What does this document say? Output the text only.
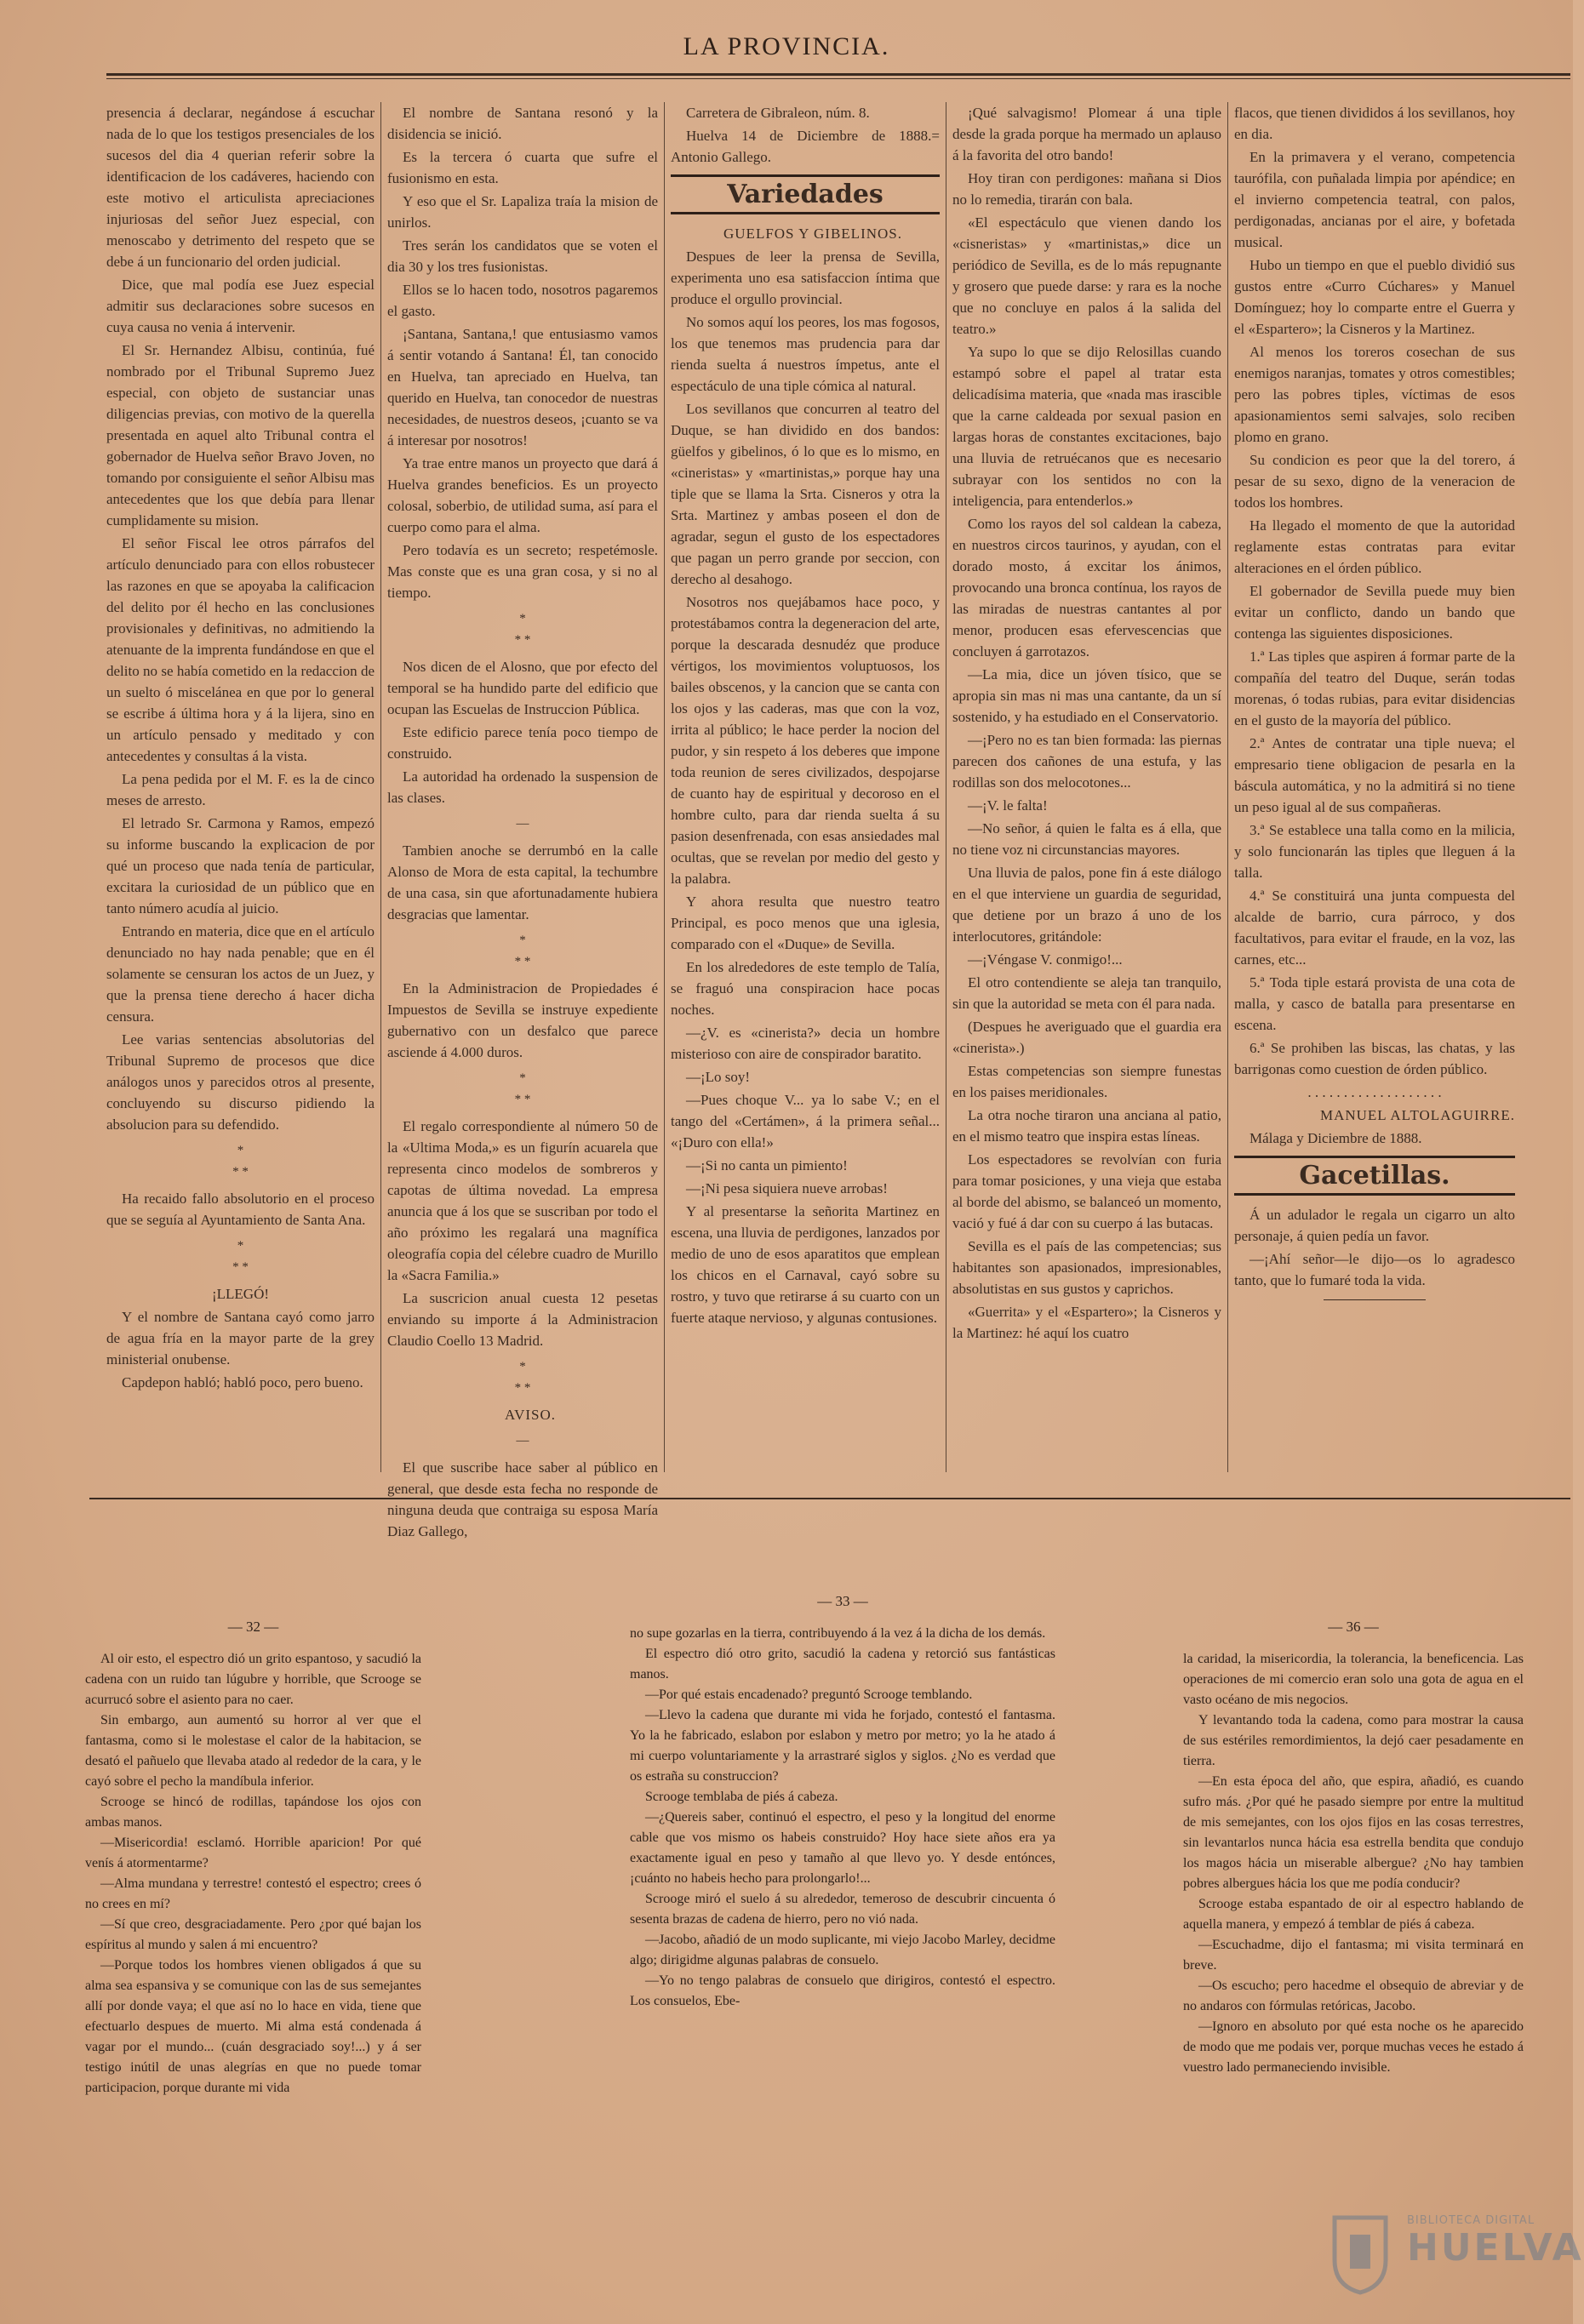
LA PROVINCIA.

presencia á declarar, negándose á escuchar nada de lo que los testigos presenciales de los sucesos del dia 4 querian referir sobre la identificacion de los cadáveres, haciendo con este motivo el articulista apreciaciones injuriosas del señor Juez especial, con menoscabo y detrimento del respeto que se debe á un funcionario del orden judicial.

Dice, que mal podía ese Juez especial admitir sus declaraciones sobre sucesos en cuya causa no venia á intervenir.

El Sr. Hernandez Albisu, continúa, fué nombrado por el Tribunal Supremo Juez especial, con objeto de sustanciar unas diligencias previas, con motivo de la querella presentada en aquel alto Tribunal contra el gobernador de Huelva señor Bravo Joven, no tomando por consiguiente el señor Albisu mas antecedentes que los que debía para llenar cumplidamente su mision.

El señor Fiscal lee otros párrafos del artículo denunciado para con ellos robustecer las razones en que se apoyaba la calificacion del delito por él hecho en las conclusiones provisionales y definitivas, no admitiendo la atenuante de la imprenta fundándose en que el delito no se había cometido en la redaccion de un suelto ó miscelánea en que por lo general se escribe á última hora y á la lijera, sino en un artículo pensado y meditado y con antecedentes y consultas á la vista.

La pena pedida por el M. F. es la de cinco meses de arresto.

El letrado Sr. Carmona y Ramos, empezó su informe buscando la explicacion de por qué un proceso que nada tenía de particular, excitara la curiosidad de un público que en tanto número acudía al juicio.

Entrando en materia, dice que en el artículo denunciado no hay nada penable; que en él solamente se censuran los actos de un Juez, y que la prensa tiene derecho á hacer dicha censura.

Lee varias sentencias absolutorias del Tribunal Supremo de procesos que dice análogos unos y parecidos otros al presente, concluyendo su discurso pidiendo la absolucion para su defendido.

*
* *

Ha recaido fallo absolutorio en el proceso que se seguía al Ayuntamiento de Santa Ana.

*
* *

¡LLEGÓ!

Y el nombre de Santana cayó como jarro de agua fría en la mayor parte de la grey ministerial onubense.

Capdepon habló; habló poco, pero bueno.

El nombre de Santana resonó y la disidencia se inició.

Es la tercera ó cuarta que sufre el fusionismo en esta.

Y eso que el Sr. Lapaliza traía la mision de unirlos.

Tres serán los candidatos que se voten el dia 30 y los tres fusionistas.

Ellos se lo hacen todo, nosotros pagaremos el gasto.

¡Santana, Santana,! que entusiasmo vamos á sentir votando á Santana! Él, tan conocido en Huelva, tan apreciado en Huelva, tan querido en Huelva, tan conocedor de nuestras necesidades, de nuestros deseos, ¡cuanto se va á interesar por nosotros!

Ya trae entre manos un proyecto que dará á Huelva grandes beneficios. Es un proyecto colosal, soberbio, de utilidad suma, así para el cuerpo como para el alma.

Pero todavía es un secreto; respetémosle. Mas conste que es una gran cosa, y si no al tiempo.

*
* *

Nos dicen de el Alosno, que por efecto del temporal se ha hundido parte del edificio que ocupan las Escuelas de Instruccion Pública.

Este edificio parece tenía poco tiempo de construido.

La autoridad ha ordenado la suspension de las clases.

—

Tambien anoche se derrumbó en la calle Alonso de Mora de esta capital, la techumbre de una casa, sin que afortunadamente hubiera desgracias que lamentar.

*
* *

En la Administracion de Propiedades é Impuestos de Sevilla se instruye expediente gubernativo con un desfalco que parece asciende á 4.000 duros.

*
* *

El regalo correspondiente al número 50 de la «Ultima Moda,» es un figurín acuarela que representa cinco modelos de sombreros y capotas de última novedad. La empresa anuncia que á los que se suscriban por todo el año próximo les regalará una magnífica oleografía copia del célebre cuadro de Murillo la «Sacra Familia.»

La suscricion anual cuesta 12 pesetas enviando su importe á la Administracion Claudio Coello 13 Madrid.

*
* *

AVISO.

—

El que suscribe hace saber al público en general, que desde esta fecha no responde de ninguna deuda que contraiga su esposa María Diaz Gallego,

Carretera de Gibraleon, núm. 8.

Huelva 14 de Diciembre de 1888.= Antonio Gallego.

Variedades

GUELFOS Y GIBELINOS.

Despues de leer la prensa de Sevilla, experimenta uno esa satisfaccion íntima que produce el orgullo provincial.

No somos aquí los peores, los mas fogosos, los que tenemos mas prudencia para dar rienda suelta á nuestros ímpetus, ante el espectáculo de una tiple cómica al natural.

Los sevillanos que concurren al teatro del Duque, se han dividido en dos bandos: güelfos y gibelinos, ó lo que es lo mismo, en «cineristas» y «martinistas,» porque hay una tiple que se llama la Srta. Cisneros y otra la Srta. Martinez y ambas poseen el don de agradar, segun el gusto de los espectadores que pagan un perro grande por seccion, con derecho al desahogo.

Nosotros nos quejábamos hace poco, y protestábamos contra la degeneracion del arte, porque la descarada desnudéz que produce vértigos, los movimientos voluptuosos, los bailes obscenos, y la cancion que se canta con los ojos y las caderas, mas que con la voz, irrita al público; le hace perder la nocion del pudor, y sin respeto á los deberes que impone toda reunion de seres civilizados, despojarse de cuanto hay de espiritual y decoroso en el hombre culto, para dar rienda suelta á su pasion desenfrenada, con esas ansiedades mal ocultas, que se revelan por medio del gesto y la palabra.

Y ahora resulta que nuestro teatro Principal, es poco menos que una iglesia, comparado con el «Duque» de Sevilla.

En los alrededores de este templo de Talía, se fraguó una conspiracion hace pocas noches.

—¿V. es «cinerista?» decia un hombre misterioso con aire de conspirador baratito.

—¡Lo soy!

—Pues choque V... ya lo sabe V.; en el tango del «Certámen», á la primera señal... «¡Duro con ella!»

—¡Si no canta un pimiento!

—¡Ni pesa siquiera nueve arrobas!

Y al presentarse la señorita Martinez en escena, una lluvia de perdigones, lanzados por medio de uno de esos aparatitos que emplean los chicos en el Carnaval, cayó sobre su rostro, y tuvo que retirarse á su cuarto con un fuerte ataque nervioso, y algunas contusiones.

¡Qué salvagismo! Plomear á una tiple desde la grada porque ha mermado un aplauso á la favorita del otro bando!

Hoy tiran con perdigones: mañana si Dios no lo remedia, tirarán con bala.

«El espectáculo que vienen dando los «cisneristas» y «martinistas,» dice un periódico de Sevilla, es de lo más repugnante y grosero que puede darse: y rara es la noche que no concluye en palos á la salida del teatro.»

Ya supo lo que se dijo Relosillas cuando estampó sobre el papel al tratar esta delicadísima materia, que «nada mas irascible que la carne caldeada por sexual pasion en largas horas de constantes excitaciones, bajo una lluvia de retruécanos que es necesario subrayar con los sentidos no con la inteligencia, para entenderlos.»

Como los rayos del sol caldean la cabeza, en nuestros circos taurinos, y ayudan, con el dorado mosto, á excitar los ánimos, provocando una bronca contínua, los rayos de las miradas de nuestras cantantes al por menor, producen esas efervescencias que concluyen á garrotazos.

—La mia, dice un jóven tísico, que se apropia sin mas ni mas una cantante, da un sí sostenido, y ha estudiado en el Conservatorio.

—¡Pero no es tan bien formada: las piernas parecen dos cañones de una estufa, y las rodillas son dos melocotones...

—¡V. le falta!

—No señor, á quien le falta es á ella, que no tiene voz ni circunstancias mayores.

Una lluvia de palos, pone fin á este diálogo en el que interviene un guardia de seguridad, que detiene por un brazo á uno de los interlocutores, gritándole:

—¡Véngase V. conmigo!...

El otro contendiente se aleja tan tranquilo, sin que la autoridad se meta con él para nada.

(Despues he averiguado que el guardia era «cinerista».)

Estas competencias son siempre funestas en los paises meridionales.

La otra noche tiraron una anciana al patio, en el mismo teatro que inspira estas líneas.

Los espectadores se revolvían con furia para tomar posiciones, y una vieja que estaba al borde del abismo, se balanceó un momento, vació y fué á dar con su cuerpo á las butacas.

Sevilla es el país de las competencias; sus habitantes son apasionados, impresionables, absolutistas en sus gustos y caprichos.

«Guerrita» y el «Espartero»; la Cisneros y la Martinez: hé aquí los cuatro

flacos, que tienen divididos á los sevillanos, hoy en dia.

En la primavera y el verano, competencia taurófila, con puñalada limpia por apéndice; en el invierno competencia teatral, con palos, perdigonadas, ancianas por el aire, y bofetada musical.

Hubo un tiempo en que el pueblo dividió sus gustos entre «Curro Cúchares» y Manuel Domínguez; hoy lo comparte entre el Guerra y el «Espartero»; la Cisneros y la Martinez.

Al menos los toreros cosechan de sus enemigos naranjas, tomates y otros comestibles; pero las pobres tiples, víctimas de esos apasionamientos semi salvajes, solo reciben plomo en grano.

Su condicion es peor que la del torero, á pesar de su sexo, digno de la veneracion de todos los hombres.

Ha llegado el momento de que la autoridad reglamente estas contratas para evitar alteraciones en el órden público.

El gobernador de Sevilla puede muy bien evitar un conflicto, dando un bando que contenga las siguientes disposiciones.

1.ª Las tiples que aspiren á formar parte de la compañía del teatro del Duque, serán todas morenas, ó todas rubias, para evitar disidencias en el gusto de la mayoría del público.

2.ª Antes de contratar una tiple nueva; el empresario tiene obligacion de pesarla en la báscula automática, y no la admitirá si no tiene un peso igual al de sus compañeras.

3.ª Se establece una talla como en la milicia, y solo funcionarán las tiples que lleguen á la talla.

4.ª Se constituirá una junta compuesta del alcalde de barrio, cura párroco, y dos facultativos, para evitar el fraude, en la voz, las carnes, etc...

5.ª Toda tiple estará provista de una cota de malla, y casco de batalla para presentarse en escena.

6.ª Se prohiben las biscas, las chatas, y las barrigonas como cuestion de órden público.

. . . . . . . . . . . . . . . . . . .

MANUEL ALTOLAGUIRRE.

Málaga y Diciembre de 1888.

Gacetillas.

Á un adulador le regala un cigarro un alto personaje, á quien pedía un favor.

—¡Ahí señor—le dijo—os lo agradesco tanto, que lo fumaré toda la vida.

— 32 —

Al oir esto, el espectro dió un grito espantoso, y sacudió la cadena con un ruido tan lúgubre y horrible, que Scrooge se acurrucó sobre el asiento para no caer.

Sin embargo, aun aumentó su horror al ver que el fantasma, como si le molestase el calor de la habitacion, se desató el pañuelo que llevaba atado al rededor de la cara, y le cayó sobre el pecho la mandíbula inferior.

Scrooge se hincó de rodillas, tapándose los ojos con ambas manos.

—Misericordia! esclamó. Horrible aparicion! Por qué venís á atormentarme?

—Alma mundana y terrestre! contestó el espectro; crees ó no crees en mí?

—Sí que creo, desgraciadamente. Pero ¿por qué bajan los espíritus al mundo y salen á mi encuentro?

—Porque todos los hombres vienen obligados á que su alma sea espansiva y se comunique con las de sus semejantes allí por donde vaya; el que así no lo hace en vida, tiene que efectuarlo despues de muerto. Mi alma está condenada á vagar por el mundo... (cuán desgraciado soy!...) y á ser testigo inútil de unas alegrías en que no puede tomar participacion, porque durante mi vida

— 33 —

no supe gozarlas en la tierra, contribuyendo á la vez á la dicha de los demás.

El espectro dió otro grito, sacudió la cadena y retorció sus fantásticas manos.

—Por qué estais encadenado? preguntó Scrooge temblando.

—Llevo la cadena que durante mi vida he forjado, contestó el fantasma. Yo la he fabricado, eslabon por eslabon y metro por metro; yo la he atado á mi cuerpo voluntariamente y la arrastraré siglos y siglos. ¿No es verdad que os estraña su construccion?

Scrooge temblaba de piés á cabeza.

—¿Quereis saber, continuó el espectro, el peso y la longitud del enorme cable que vos mismo os habeis construido? Hoy hace siete años era ya exactamente igual en peso y tamaño al que llevo yo. Y desde entónces, ¡cuánto no habeis hecho para prolongarlo!...

Scrooge miró el suelo á su alrededor, temeroso de descubrir cincuenta ó sesenta brazas de cadena de hierro, pero no vió nada.

—Jacobo, añadió de un modo suplicante, mi viejo Jacobo Marley, decidme algo; dirigidme algunas palabras de consuelo.

—Yo no tengo palabras de consuelo que dirigiros, contestó el espectro. Los consuelos, Ebe-

— 36 —

la caridad, la misericordia, la tolerancia, la beneficencia. Las operaciones de mi comercio eran solo una gota de agua en el vasto océano de mis negocios.

Y levantando toda la cadena, como para mostrar la causa de sus estériles remordimientos, la dejó caer pesadamente en tierra.

—En esta época del año, que espira, añadió, es cuando sufro más. ¿Por qué he pasado siempre por entre la multitud de mis semejantes, con los ojos fijos en las cosas terrestres, sin levantarlos nunca hácia esa estrella bendita que condujo los magos hácia un miserable albergue? ¿No hay tambien pobres albergues hácia los que me podía conducir?

Scrooge estaba espantado de oir al espectro hablando de aquella manera, y empezó á temblar de piés á cabeza.

—Escuchadme, dijo el fantasma; mi visita terminará en breve.

—Os escucho; pero hacedme el obsequio de abreviar y de no andaros con fórmulas retóricas, Jacobo.

—Ignoro en absoluto por qué esta noche os he aparecido de modo que me podais ver, porque muchas veces he estado á vuestro lado permaneciendo invisible.

BIBLIOTECA DIGITAL
HUELVA
